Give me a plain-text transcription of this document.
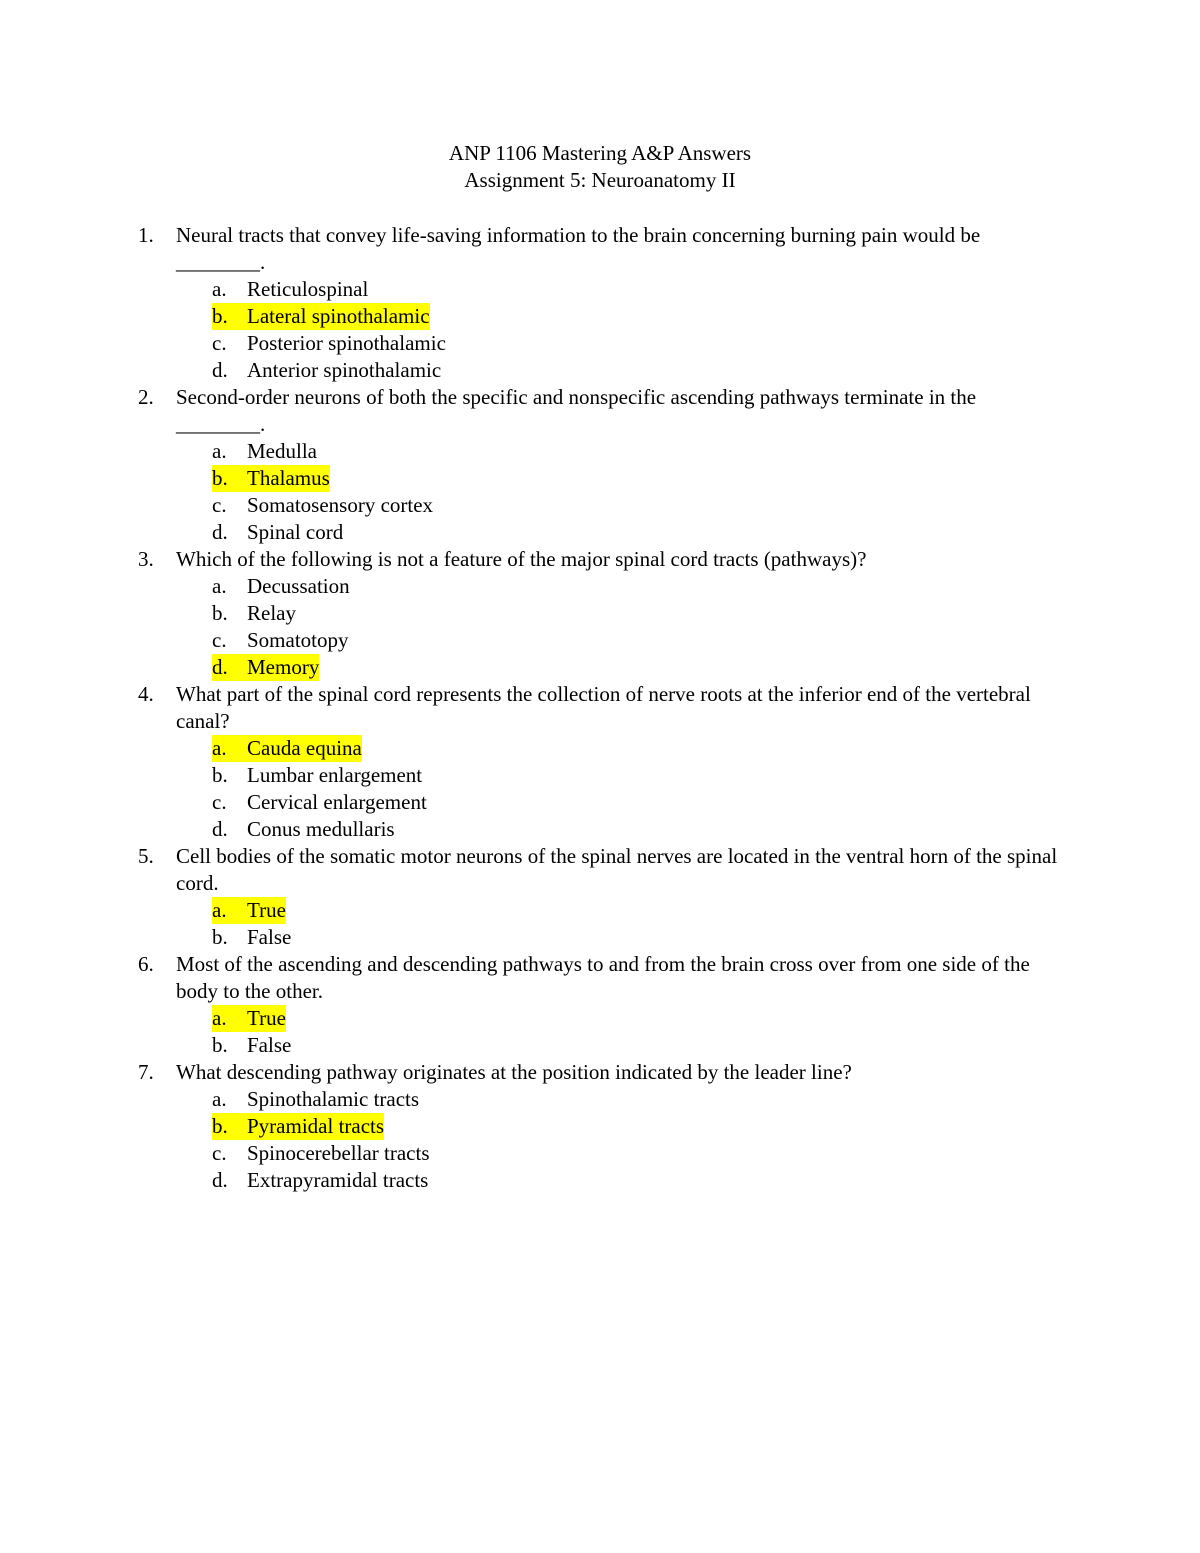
ANP 1106 Mastering A&P Answers
Assignment 5: Neuroanatomy II
1.	Neural tracts that convey life-saving information to the brain concerning burning pain would be ________.
a. Reticulospinal
b. Lateral spinothalamic
c. Posterior spinothalamic
d. Anterior spinothalamic
2.	Second-order neurons of both the specific and nonspecific ascending pathways terminate in the ________.
a. Medulla
b. Thalamus
c. Somatosensory cortex
d. Spinal cord
3.	Which of the following is not a feature of the major spinal cord tracts (pathways)?
a. Decussation
b. Relay
c. Somatotopy
d. Memory
4.	What part of the spinal cord represents the collection of nerve roots at the inferior end of the vertebral canal?
a. Cauda equina
b. Lumbar enlargement
c. Cervical enlargement
d. Conus medullaris
5.	Cell bodies of the somatic motor neurons of the spinal nerves are located in the ventral horn of the spinal cord.
a. True
b. False
6.	Most of the ascending and descending pathways to and from the brain cross over from one side of the body to the other.
a. True
b. False
7.	What descending pathway originates at the position indicated by the leader line?
a. Spinothalamic tracts
b. Pyramidal tracts
c. Spinocerebellar tracts
d. Extrapyramidal tracts
